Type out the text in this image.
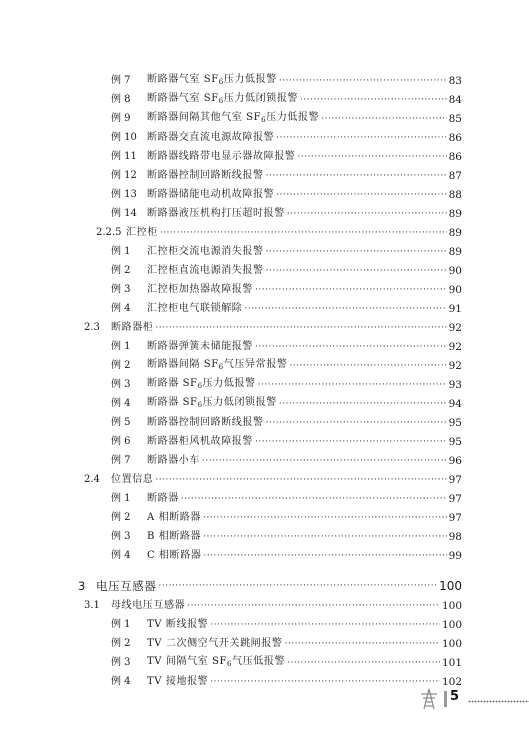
例 7	断路器气室 $SF_6$压力低报警 ·····	83
例 8	断路器气室 $SF_6$压力低闭锁报警 ·····	84
例 9	断路器间隔其他气室 $SF_6$压力低报警 ·····	85
例 10	断路器交直流电源故障报警 ·····	86
例 11	断路器线路带电显示器故障报警 ·····	86
例 12	断路器控制回路断线报警 ·····	87
例 13	断路器储能电动机故障报警 ·····	88
例 14	断路器液压机构打压超时报警 ·····	89
2.2.5 汇控柜 ·····	89
例 1	汇控柜交流电源消失报警 ·····	89
例 2	汇控柜直流电源消失报警 ·····	90
例 3	汇控柜加热器故障报警 ·····	90
例 4	汇控柜电气联锁解除 ·····	91
2.3	断路器柜 ·····	92
例 1	断路器弹簧未储能报警 ·····	92
例 2	断路器间隔 $SF_6$气压异常报警 ·····	92
例 3	断路器 $SF_6$压力低报警 ·····	93
例 4	断路器 $SF_6$压力低闭锁报警 ·····	94
例 5	断路器控制回路断线报警 ·····	95
例 6	断路器柜风机故障报警 ·····	95
例 7	断路器小车 ·····	96
2.4	位置信息 ·····	97
例 1	断路器 ·····	97
例 2	A 相断路器 ·····	97
例 3	B 相断路器 ·····	98
例 4	C 相断路器 ·····	99
3 电压互感器 ·····	100
3.1	母线电压互感器 ·····	100
例 1	TV 断线报警 ·····	100
例 2	TV 二次侧空气开关跳闸报警 ·····	100
例 3	TV 间隔气室 $SF_6$气压低报警 ·····	101
例 4	TV 接地报警 ·····	102
5
